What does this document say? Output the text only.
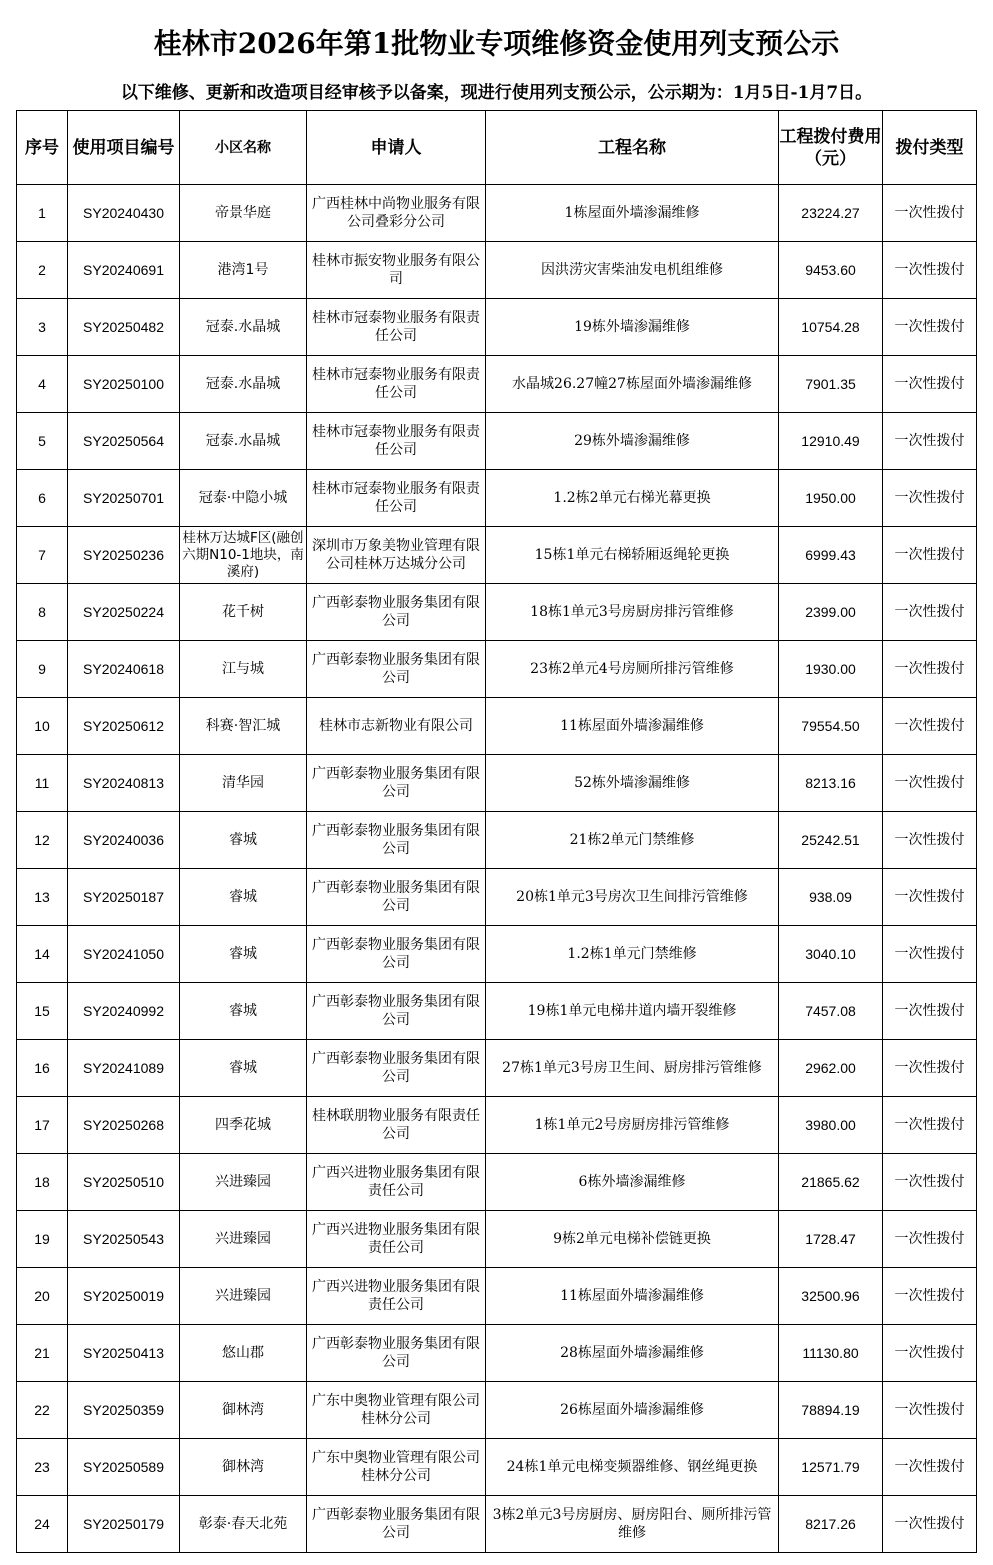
桂林市2026年第1批物业专项维修资金使用列支预公示
以下维修、更新和改造项目经审核予以备案，现进行使用列支预公示，公示期为：1月5日-1月7日。
序号	使用项目编号	小区名称	申请人	工程名称	工程拨付费用（元）	拨付类型
1	SY20240430	帝景华庭	广西桂林中尚物业服务有限公司叠彩分公司	1栋屋面外墙渗漏维修	23224.27	一次性拨付
2	SY20240691	港湾1号	桂林市振安物业服务有限公司	因洪涝灾害柴油发电机组维修	9453.60	一次性拨付
3	SY20250482	冠泰.水晶城	桂林市冠泰物业服务有限责任公司	19栋外墙渗漏维修	10754.28	一次性拨付
4	SY20250100	冠泰.水晶城	桂林市冠泰物业服务有限责任公司	水晶城26.27幢27栋屋面外墙渗漏维修	7901.35	一次性拨付
5	SY20250564	冠泰.水晶城	桂林市冠泰物业服务有限责任公司	29栋外墙渗漏维修	12910.49	一次性拨付
6	SY20250701	冠泰·中隐小城	桂林市冠泰物业服务有限责任公司	1.2栋2单元右梯光幕更换	1950.00	一次性拨付
7	SY20250236	桂林万达城F区(融创六期N10-1地块，南溪府)	深圳市万象美物业管理有限公司桂林万达城分公司	15栋1单元右梯轿厢返绳轮更换	6999.43	一次性拨付
8	SY20250224	花千树	广西彰泰物业服务集团有限公司	18栋1单元3号房厨房排污管维修	2399.00	一次性拨付
9	SY20240618	江与城	广西彰泰物业服务集团有限公司	23栋2单元4号房厕所排污管维修	1930.00	一次性拨付
10	SY20250612	科赛·智汇城	桂林市志新物业有限公司	11栋屋面外墙渗漏维修	79554.50	一次性拨付
11	SY20240813	清华园	广西彰泰物业服务集团有限公司	52栋外墙渗漏维修	8213.16	一次性拨付
12	SY20240036	睿城	广西彰泰物业服务集团有限公司	21栋2单元门禁维修	25242.51	一次性拨付
13	SY20250187	睿城	广西彰泰物业服务集团有限公司	20栋1单元3号房次卫生间排污管维修	938.09	一次性拨付
14	SY20241050	睿城	广西彰泰物业服务集团有限公司	1.2栋1单元门禁维修	3040.10	一次性拨付
15	SY20240992	睿城	广西彰泰物业服务集团有限公司	19栋1单元电梯井道内墙开裂维修	7457.08	一次性拨付
16	SY20241089	睿城	广西彰泰物业服务集团有限公司	27栋1单元3号房卫生间、厨房排污管维修	2962.00	一次性拨付
17	SY20250268	四季花城	桂林联朋物业服务有限责任公司	1栋1单元2号房厨房排污管维修	3980.00	一次性拨付
18	SY20250510	兴进臻园	广西兴进物业服务集团有限责任公司	6栋外墙渗漏维修	21865.62	一次性拨付
19	SY20250543	兴进臻园	广西兴进物业服务集团有限责任公司	9栋2单元电梯补偿链更换	1728.47	一次性拨付
20	SY20250019	兴进臻园	广西兴进物业服务集团有限责任公司	11栋屋面外墙渗漏维修	32500.96	一次性拨付
21	SY20250413	悠山郡	广西彰泰物业服务集团有限公司	28栋屋面外墙渗漏维修	11130.80	一次性拨付
22	SY20250359	御林湾	广东中奥物业管理有限公司桂林分公司	26栋屋面外墙渗漏维修	78894.19	一次性拨付
23	SY20250589	御林湾	广东中奥物业管理有限公司桂林分公司	24栋1单元电梯变频器维修、钢丝绳更换	12571.79	一次性拨付
24	SY20250179	彰泰·春天北苑	广西彰泰物业服务集团有限公司	3栋2单元3号房厨房、厨房阳台、厕所排污管维修	8217.26	一次性拨付
